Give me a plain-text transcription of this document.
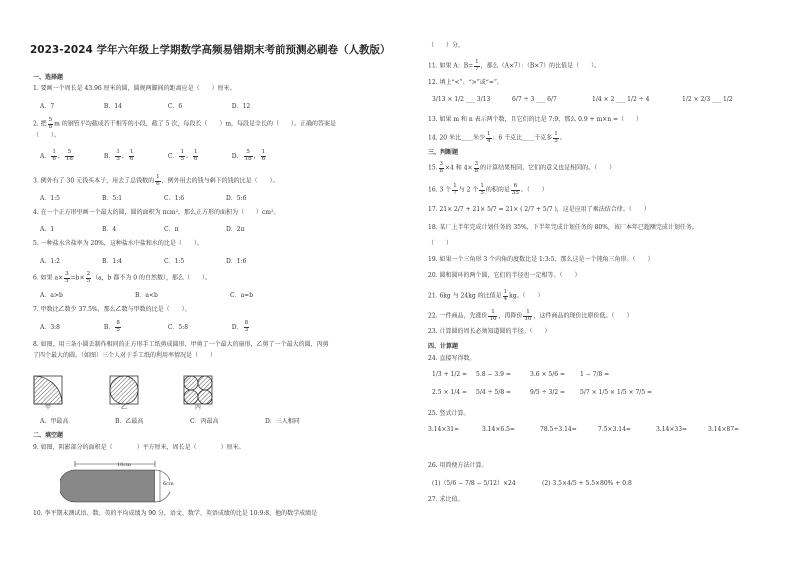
2023-2024 学年六年级上学期数学高频易错期末考前预测必刷卷（人教版）
一、选择题
1. 要画一个周长是 43.96 厘米的圆，圆规两脚间的距离应是（　　）厘米。
A．7	B．14	C．6	D．12
2. 把 $\frac{5}{8}$ m 的钢管平均截成若干相等的小段，截了 5 次，每段长（　　）m，每段是全长的（　　）。正确的答案是
（　　）。
A． $\frac{1}{6}$ ， $\frac{5}{18}$	B． $\frac{1}{5}$ ， $\frac{1}{6}$	C． $\frac{1}{5}$ ， $\frac{1}{6}$	D． $\frac{5}{18}$ ， $\frac{1}{6}$
3. 例外有了 30 元钱买本子，用去了总钱数的 $\frac{1}{6}$ ，例外用去的钱与剩下的钱的比是（　　）。
A．1:5	B．5:1	C．1:6	D．5:6
4. 在一个正方形里画一个最大的圆，圆的面积为 πcm²，那么正方形的面积为（　　）cm²。
A．1	B．4	C．π	D．2π
5. 一种盐水含盐率为 20%，这种盐水中盐和水的比是（　　）。
A．1:2	B．1:4	C．1:5	D．1:6
6. 如果 $a\times \frac{3}{5} =b\times \frac{2}{5} (a$，b 都不为 0 的自然数），那么（　　）。
A．a>b	B．a<b	C．a=b
7. 甲数比乙数少 37.5%，那么乙数与甲数的比是（　　）。
A．3:8	B． $\frac{8}{5}$	C．5:8	D． $\frac{8}{3}$
8. 如图，用三条小圆丢制作相同的正方形手工纸剪成圆形，甲剪了一个最大的扇形，乙剪了一个最大的圆，丙剪
了四个最大的圆。（如图）三个人对于手工纸的利用率情况是（　　）
甲	乙	丙
A．甲最高	B．乙最高	C．丙最高	D．三人相同
二、填空题
9. 如图，阴影部分的面积是（　　　　）平方厘米，周长是（　　　　）厘米。
10cm
6cm
10. 李平期末测试语、数、英的平均成绩为 90 分，语文、数学、英语成绩的比是 10:9:8，他的数学成绩是
（　　）分。
11. 如果 A：$B= \frac{1}{7}$ ，那么（A×7）：（B×7）的比值是（　　）。
12. 填上“<”、“>”或“=”。
3/13 × 1/2 ___ 3/13	6/7 ÷ 3 ___ 6/7	1/4 × 2 ___ 1/2 ÷ 4	1/2 × 2/3 ___ 1/2
13. 如果 m 和 n 表示两个数，且它们的比是 7:9，那么 0.9 + m×n =（　　）
14. 20 米比____米少 $\frac{1}{4}$ ；6 千克比____千克多 $\frac{1}{5}$ 。
三、判断题
15. $\frac{3}{8} \times 4$ 和 $4\times \frac{3}{8}$ 的计算结果相同，它们的意义也是相同的。（　　）
16. 3 个 $\frac{1}{7}$ 与 2 个 $\frac{1}{5}$ 的积的是 $\frac{6}{35}$ 。（　　）
17. 21× 2/7 + 21× 5/7 = 21× ( 2/7 + 5/7 )，这是应用了乘法结合律。（　　）
18. 某厂上半年完成计划任务的 35%，下半年完成计划任务的 80%，该厂本年已超额完成计划任务。
（　　）
19. 如果一个三角形 3 个内角的度数比是 1:3:5，那么这是一个钝角三角形。（　　）
20. 圆和圆环的两个圆，它们的半径也一定相等。（　　）
21. 6kg 与 24kg 的比值是 $\frac{1}{4}$ kg。（　　）
22. 一件商品，先涨价 $\frac{1}{10}$ ，再降价 $\frac{1}{10}$ ，这件商品的现价比原价低。（　　）
23. 计算圆的周长必须知道圆的半径。（　　）
四、计算题
24. 直接写得数。
1/3 + 1/2 = 5.8 − 3.9 =	3.6 × 5/6 =	1 − 7/8 =
2.5 × 1/4 = 5/4 ÷ 5/8 =	9/5 ÷ 3/2 = 5/7 × 1/5 × 1/5 × 7/5 =
25. 竖式计算。
3.14×31=	3.14×6.5=	78.5÷3.14=	7.5×3.14=	3.14×33=	3.14×87=
26. 用简便方法计算。
(1)（5/6 − 7/8 − 5/12）×24	(2) 3.5×4/5 + 5.5×80% + 0.8
27. 求比值。
